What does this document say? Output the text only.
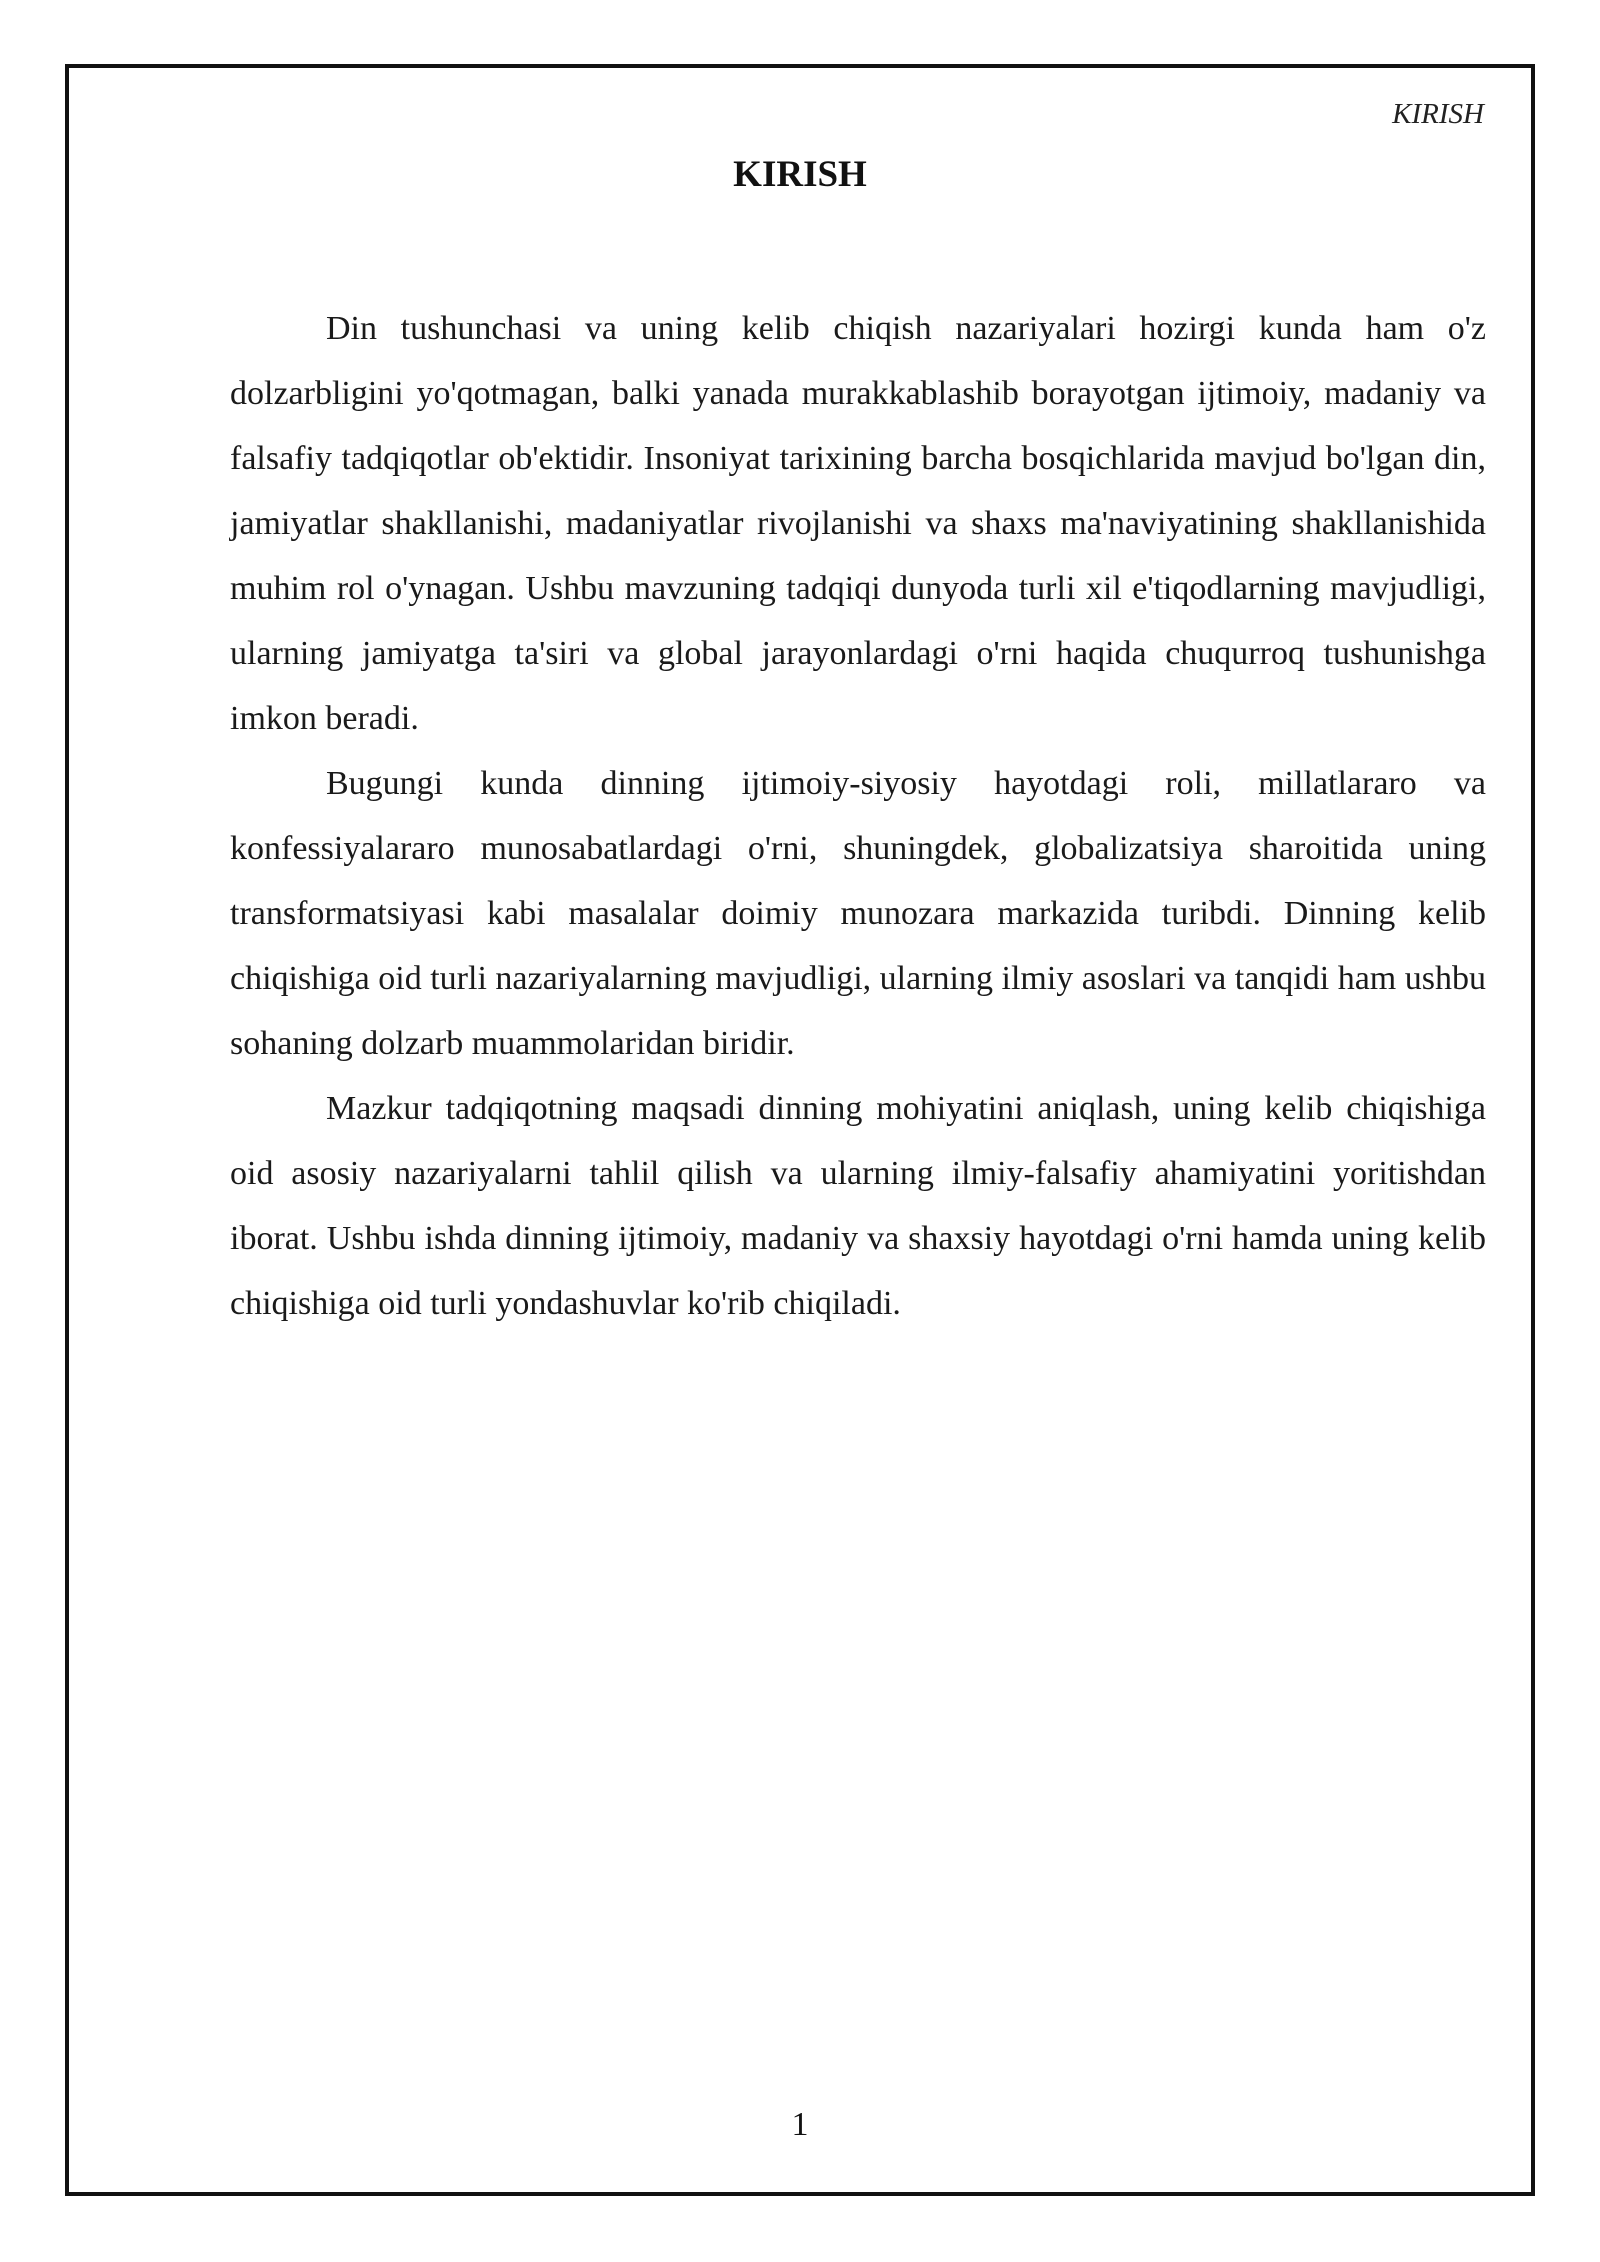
KIRISH
KIRISH

Din tushunchasi va uning kelib chiqish nazariyalari hozirgi kunda ham o'z dolzarbligini yo'qotmagan, balki yanada murakkablashib borayotgan ijtimoiy, madaniy va falsafiy tadqiqotlar ob'ektidir. Insoniyat tarixining barcha bosqichlarida mavjud bo'lgan din, jamiyatlar shakllanishi, madaniyatlar rivojlanishi va shaxs ma'naviyatining shakllanishida muhim rol o'ynagan. Ushbu mavzuning tadqiqi dunyoda turli xil e'tiqodlarning mavjudligi, ularning jamiyatga ta'siri va global jarayonlardagi o'rni haqida chuqurroq tushunishga imkon beradi.

Bugungi kunda dinning ijtimoiy-siyosiy hayotdagi roli, millatlararo va konfessiyalararo munosabatlardagi o'rni, shuningdek, globalizatsiya sharoitida uning transformatsiyasi kabi masalalar doimiy munozara markazida turibdi. Dinning kelib chiqishiga oid turli nazariyalarning mavjudligi, ularning ilmiy asoslari va tanqidi ham ushbu sohaning dolzarb muammolaridan biridir.

Mazkur tadqiqotning maqsadi dinning mohiyatini aniqlash, uning kelib chiqishiga oid asosiy nazariyalarni tahlil qilish va ularning ilmiy-falsafiy ahamiyatini yoritishdan iborat. Ushbu ishda dinning ijtimoiy, madaniy va shaxsiy hayotdagi o'rni hamda uning kelib chiqishiga oid turli yondashuvlar ko'rib chiqiladi.

1
